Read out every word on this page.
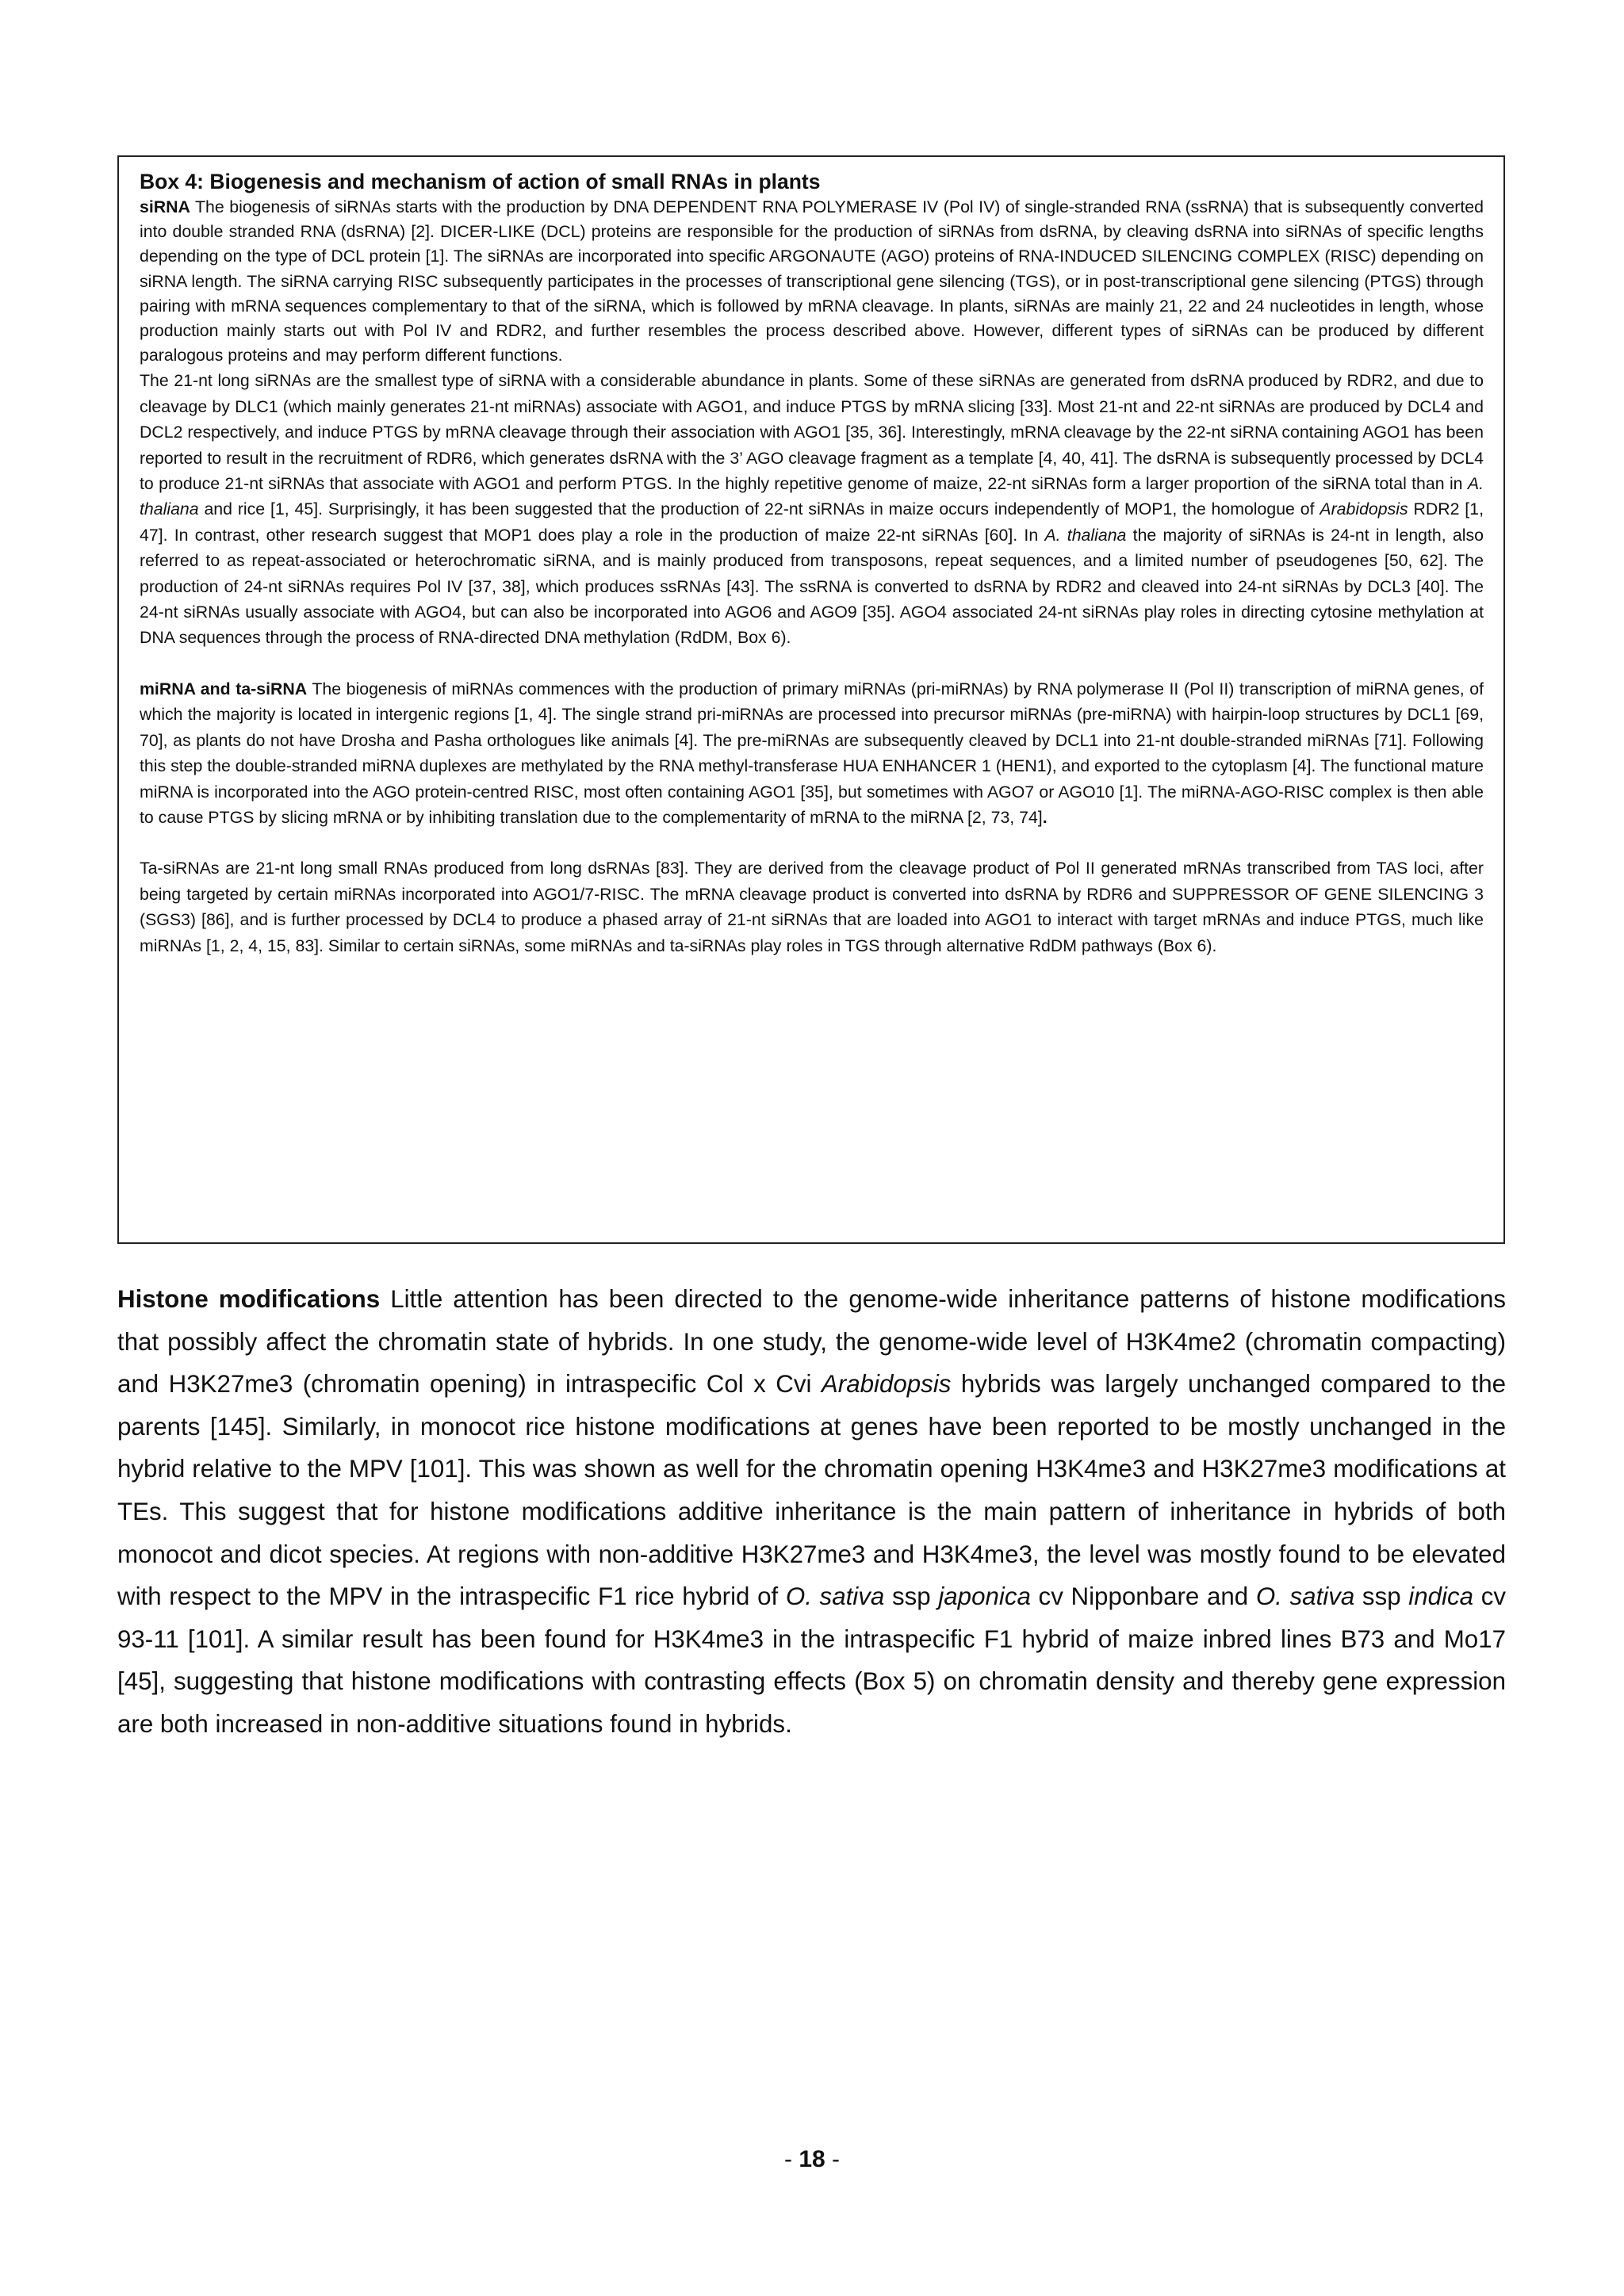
Box 4: Biogenesis and mechanism of action of small RNAs in plants

siRNA The biogenesis of siRNAs starts with the production by DNA DEPENDENT RNA POLYMERASE IV (Pol IV) of single-stranded RNA (ssRNA) that is subsequently converted into double stranded RNA (dsRNA) [2]. DICER-LIKE (DCL) proteins are responsible for the production of siRNAs from dsRNA, by cleaving dsRNA into siRNAs of specific lengths depending on the type of DCL protein [1]. The siRNAs are incorporated into specific ARGONAUTE (AGO) proteins of RNA-INDUCED SILENCING COMPLEX (RISC) depending on siRNA length. The siRNA carrying RISC subsequently participates in the processes of transcriptional gene silencing (TGS), or in post-transcriptional gene silencing (PTGS) through pairing with mRNA sequences complementary to that of the siRNA, which is followed by mRNA cleavage. In plants, siRNAs are mainly 21, 22 and 24 nucleotides in length, whose production mainly starts out with Pol IV and RDR2, and further resembles the process described above. However, different types of siRNAs can be produced by different paralogous proteins and may perform different functions.

The 21-nt long siRNAs are the smallest type of siRNA with a considerable abundance in plants. Some of these siRNAs are generated from dsRNA produced by RDR2, and due to cleavage by DLC1 (which mainly generates 21-nt miRNAs) associate with AGO1, and induce PTGS by mRNA slicing [33]. Most 21-nt and 22-nt siRNAs are produced by DCL4 and DCL2 respectively, and induce PTGS by mRNA cleavage through their association with AGO1 [35, 36]. Interestingly, mRNA cleavage by the 22-nt siRNA containing AGO1 has been reported to result in the recruitment of RDR6, which generates dsRNA with the 3’ AGO cleavage fragment as a template [4, 40, 41]. The dsRNA is subsequently processed by DCL4 to produce 21-nt siRNAs that associate with AGO1 and perform PTGS. In the highly repetitive genome of maize, 22-nt siRNAs form a larger proportion of the siRNA total than in A. thaliana and rice [1, 45]. Surprisingly, it has been suggested that the production of 22-nt siRNAs in maize occurs independently of MOP1, the homologue of Arabidopsis RDR2 [1, 47]. In contrast, other research suggest that MOP1 does play a role in the production of maize 22-nt siRNAs [60]. In A. thaliana the majority of siRNAs is 24-nt in length, also referred to as repeat-associated or heterochromatic siRNA, and is mainly produced from transposons, repeat sequences, and a limited number of pseudogenes [50, 62]. The production of 24-nt siRNAs requires Pol IV [37, 38], which produces ssRNAs [43]. The ssRNA is converted to dsRNA by RDR2 and cleaved into 24-nt siRNAs by DCL3 [40]. The 24-nt siRNAs usually associate with AGO4, but can also be incorporated into AGO6 and AGO9 [35]. AGO4 associated 24-nt siRNAs play roles in directing cytosine methylation at DNA sequences through the process of RNA-directed DNA methylation (RdDM, Box 6).

miRNA and ta-siRNA The biogenesis of miRNAs commences with the production of primary miRNAs (pri-miRNAs) by RNA polymerase II (Pol II) transcription of miRNA genes, of which the majority is located in intergenic regions [1, 4]. The single strand pri-miRNAs are processed into precursor miRNAs (pre-miRNA) with hairpin-loop structures by DCL1 [69, 70], as plants do not have Drosha and Pasha orthologues like animals [4]. The pre-miRNAs are subsequently cleaved by DCL1 into 21-nt double-stranded miRNAs [71]. Following this step the double-stranded miRNA duplexes are methylated by the RNA methyl-transferase HUA ENHANCER 1 (HEN1), and exported to the cytoplasm [4]. The functional mature miRNA is incorporated into the AGO protein-centred RISC, most often containing AGO1 [35], but sometimes with AGO7 or AGO10 [1]. The miRNA-AGO-RISC complex is then able to cause PTGS by slicing mRNA or by inhibiting translation due to the complementarity of mRNA to the miRNA [2, 73, 74].

Ta-siRNAs are 21-nt long small RNAs produced from long dsRNAs [83]. They are derived from the cleavage product of Pol II generated mRNAs transcribed from TAS loci, after being targeted by certain miRNAs incorporated into AGO1/7-RISC. The mRNA cleavage product is converted into dsRNA by RDR6 and SUPPRESSOR OF GENE SILENCING 3 (SGS3) [86], and is further processed by DCL4 to produce a phased array of 21-nt siRNAs that are loaded into AGO1 to interact with target mRNAs and induce PTGS, much like miRNAs [1, 2, 4, 15, 83]. Similar to certain siRNAs, some miRNAs and ta-siRNAs play roles in TGS through alternative RdDM pathways (Box 6).

Histone modifications Little attention has been directed to the genome-wide inheritance patterns of histone modifications that possibly affect the chromatin state of hybrids. In one study, the genome-wide level of H3K4me2 (chromatin compacting) and H3K27me3 (chromatin opening) in intraspecific Col x Cvi Arabidopsis hybrids was largely unchanged compared to the parents [145]. Similarly, in monocot rice histone modifications at genes have been reported to be mostly unchanged in the hybrid relative to the MPV [101]. This was shown as well for the chromatin opening H3K4me3 and H3K27me3 modifications at TEs. This suggest that for histone modifications additive inheritance is the main pattern of inheritance in hybrids of both monocot and dicot species. At regions with non-additive H3K27me3 and H3K4me3, the level was mostly found to be elevated with respect to the MPV in the intraspecific F1 rice hybrid of O. sativa ssp japonica cv Nipponbare and O. sativa ssp indica cv 93-11 [101]. A similar result has been found for H3K4me3 in the intraspecific F1 hybrid of maize inbred lines B73 and Mo17 [45], suggesting that histone modifications with contrasting effects (Box 5) on chromatin density and thereby gene expression are both increased in non-additive situations found in hybrids.

- 18 -
